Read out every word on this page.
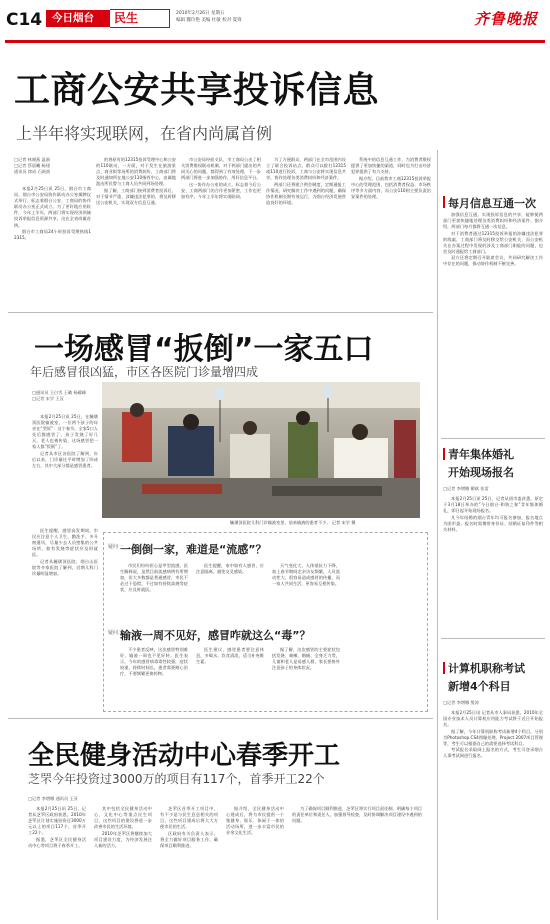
C14 今日烟台	民生	2010年2月26日 星期五
编辑 魏玲艳 美编 杜敏 校对 夏锋	齐鲁晚报
工商公安共享投诉信息
上半年将实现联网，在省内尚属首例
□记者 林谢燕 温刚
□记者 蔡晨曦 杨建
通讯员 徐成 石新波

本报2月25日讯 25日，烟台市工商局、烟台市公安局协作联动办公室揭牌仪式举行，标志着烟台公安、工商局的协作联动办公室正式成立。为了更好地应用软件，今年上半年，两部门将实现经济领域投诉举报信息资源共享，这在全省尚属首例。

烟台市工商局24小时投诉受理热线12315。

的将原有的12315投诉受理中心和公安的110联动，一方面，对于发生在旅游景点、商业街等场所的消费纠纷，工商部门将及时通知所在地公安110指挥中心，由属地派出所民警与工商人员共同到场处理。

据了解，工商部门接到消费者投诉后，对于情节严重、涉嫌违法犯罪的，将及时移送公安机关，实现双方信息互通。

市公安局经侦支队、市工商局公出了相关消费维权联动机制，对于两部门提出的共同关心的问题，都得到了有效处理，下一步两部门将进一步加强协作，用好信息平台。

这一协作办公室的成立，标志着今后公安、工商两部门的合作更加紧密，工作也更加有序，今年上半年将实现联网。

为了方便群众，两部门在全市范围内设立了联合投诉站点，群众可以拨打12315或110进行投诉，工商与公安将实现信息共享，协作处理各类消费纠纷和经济案件。

两部门还将建立例会制度，定期通报工作情况，研究解决工作中遇到的问题，确保协作机制长期有效运行，为烟台经济发展营造良好的环境。

系统中的信息互通工作，为消费者维权提供了更加快捷的渠道，同时也为打击经济犯罪提供了有力支持。

据介绍，目前我市工商12315投诉举报中心的受理范围，包括消费者权益、市场秩序等多方面内容，而公安110则主要负责治安案件的处理。

每月信息互通一次

加强信息互通，实现投诉信息的共享，能够使两部门更加快捷地处理各类消费纠纷和经济案件。据介绍，两部门每月都将互通一次信息。

对于消费者通过12315投诉举报的涉嫌违法犯罪的线索，工商部门将及时移交给公安机关，而公安机关在办案过程中发现的涉及工商部门职能的问题，也会及时通报给工商部门。

双方还将定期召开联席会议，共同研究解决工作中存在的问题，推动协作机制不断完善。

青年集体婚礼
开始现场报名
□记者 李增娜 柳斌 张雷

本报2月25日讯 25日，记者从团市委获悉，原定于3月18日举办的“今日烟台·和谐之春”青年集体婚礼，即日起开始现场报名。

凡今年结婚的烟台青年均可报名参加，报名地点为团市委。报名时需携带身份证、结婚证复印件等相关材料。

计算机职称考试
新增4个科目
□记者 李增娜 殷涛

本报2月25日讯 记者从市人事局获悉，2010年全国专业技术人员计算机应用能力考试将于近日开始报名。

据了解，今年计算机职称考试新增4个科目，分别为Photoshop CS4图像处理、Project 2007项目管理等，考生可以根据自己的需要选择考试科目。

考试报名采取网上报名的方式，考生可登录烟台人事考试网进行报名。

一场感冒“扳倒”一家五口
年后感冒很凶猛，市区各医院门诊量增四成
□通讯员 王白雪 王璐 杨耀峰
□记者 宋学 王汉

本报2月25日讯 25日，在毓璜顶医院输液室，一位两个孩子的母亲在“哭诉”：这个春节，全家5口人先后都感冒了，孩子发烧了好几天，老人也被传染，这场感冒把一家人都“扳倒”了。

记者从市区各医院了解到，年后以来，门诊量比平时增加了四成左右，其中大部分都是感冒患者。

医生提醒，感冒高发期间，市民应注意个人卫生，勤洗手、多开窗通风，尽量少去人员密集的公共场所，如有发烧等症状应及时就医。

记者从毓璜顶医院、烟台山医院等多家医院了解到，近期儿科门诊量明显增加。

毓璜顶医院儿科门诊输液室里，前来输液的患者不少。 记者 宋学 摄
疑问一
一倒倒一家，难道是“流感”？

市民们纷纷担心是甲型流感，医生解释说，虽然目前流感病例有所增加，但大多数都是普通感冒，市民不必过于恐慌，不过如有持续高烧等症状，应及时就医。

医生提醒，家中如有人感冒，应注意隔离，避免交叉感染。

天气变化大，人体抵抗力下降，加上春节期间走亲访友频繁，人员流动性大，很容易造成感冒的传播，而一家人共同生活，更容易互相传染。

疑问二
输液一周不见好，感冒咋就这么“毒”？

不少患者反映，这次感冒特别难好，输液一周也不见好转。医生表示，今年的感冒病毒毒性较强，症状较重，持续时间长，患者需要耐心治疗，不要频繁更换药物。

医生建议，感冒患者要注意休息，多喝水，饮食清淡，适当补充维生素。

据了解，这次感冒的主要症状包括发烧、咳嗽、咽痛、全身乏力等，儿童和老人是易感人群，家长要格外注意孩子的身体状况。

全民健身活动中心春季开工
芝罘今年投资过3000万的项目有117个，首季开工22个
□记者 李增娜 通讯员 王亚

本报2月25日讯 25日，记者从芝罘区政府获悉，2010年芝罘区计划实施投资过3000万元以上的项目117个，首季开工22个。

据悉，芝罘区全民健身活动中心等项目将于春季开工。

其中包括全民健身活动中心、文化中心等重点民生项目，这些项目的建设将进一步改善市民的生活环境。

2010年芝罘区将继续加大项目建设力度，为经济发展注入新的活力。

芝罘区首季开工项目中，有不少是与民生息息相关的项目，这些项目建成后将大大方便市民的生活。

区政府有关负责人表示，将全力做好项目服务工作，确保项目顺利推进。

据介绍，全民健身活动中心建成后，将为市民提供一个集健身、娱乐、休闲于一体的活动场所，进一步丰富市民的业余文化生活。

为了确保项目顺利推进，芝罘区将实行项目责任制，明确每个项目的责任单位和责任人，加强督导检查，及时协调解决项目建设中遇到的问题。
